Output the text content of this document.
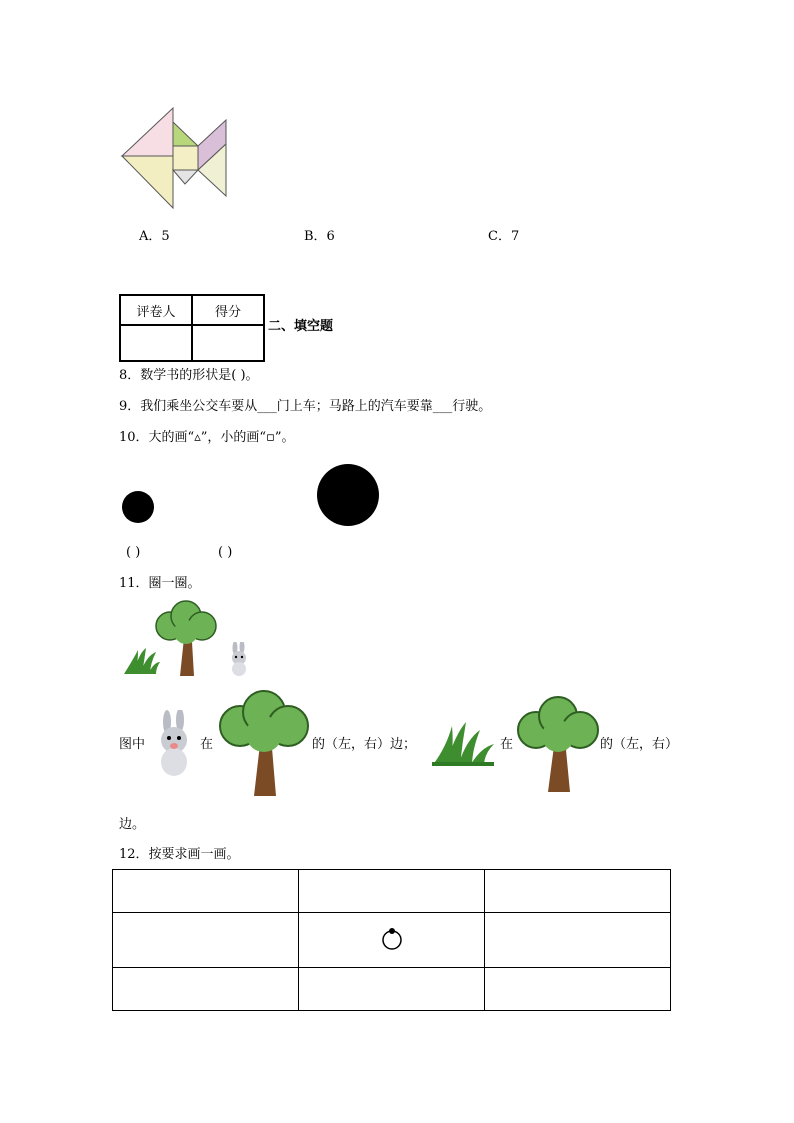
A．5	B．6	C．7
评卷人	得分

二、填空题
8．数学书的形状是( )。
9．我们乘坐公交车要从___门上车；马路上的汽车要靠___行驶。
10．大的画“▵”，小的画“▫”。
( )	( )
11．圈一圈。
图中	在	的（左，右）边；	在	的（左，右）
边。
12．按要求画一画。
